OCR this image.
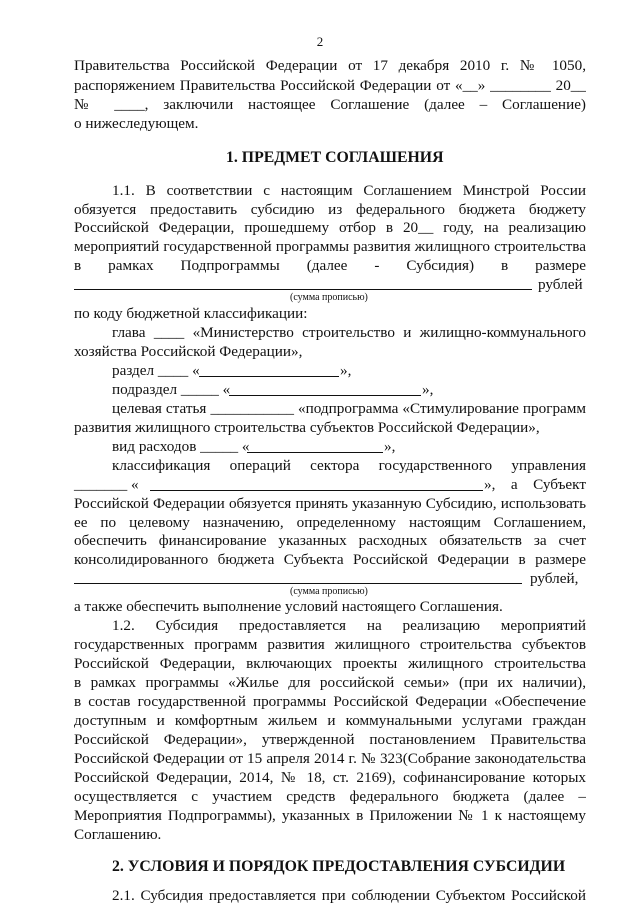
2
Правительства Российской Федерации от 17 декабря 2010 г. № 1050,
распоряжением Правительства Российской Федерации от «__» ________ 20__
№ ____, заключили настоящее Соглашение (далее – Соглашение)
о нижеследующем.
1. ПРЕДМЕТ СОГЛАШЕНИЯ
1.1. В соответствии с настоящим Соглашением Минстрой России
обязуется предоставить субсидию из федерального бюджета бюджету
Российской Федерации, прошедшему отбор в 20__ году, на реализацию
мероприятий государственной программы развития жилищного строительства
в рамках Подпрограммы (далее - Субсидия) в размере
рублей
(сумма прописью)
по коду бюджетной классификации:
глава ____ «Министерство строительство и жилищно-коммунального
хозяйства Российской Федерации»,
раздел ____ «	»,
подраздел _____ «	»,
целевая статья ___________ «подпрограмма «Стимулирование программ
развития жилищного строительства субъектов Российской Федерации»,
вид расходов _____ «	»,
классификация операций сектора государственного управления
_______ «	», а Субъект
Российской Федерации обязуется принять указанную Субсидию, использовать
ее по целевому назначению, определенному настоящим Соглашением,
обеспечить финансирование указанных расходных обязательств за счет
консолидированного бюджета Субъекта Российской Федерации в размере
рублей,
(сумма прописью)
а также обеспечить выполнение условий настоящего Соглашения.
1.2. Субсидия предоставляется на реализацию мероприятий
государственных программ развития жилищного строительства субъектов
Российской Федерации, включающих проекты жилищного строительства
в рамках программы «Жилье для российской семьи» (при их наличии),
в состав государственной программы Российской Федерации «Обеспечение
доступным и комфортным жильем и коммунальными услугами граждан
Российской Федерации», утвержденной постановлением Правительства
Российской Федерации от 15 апреля 2014 г. № 323(Собрание законодательства
Российской Федерации, 2014, № 18, ст. 2169), софинансирование которых
осуществляется с участием средств федерального бюджета (далее –
Мероприятия Подпрограммы), указанных в Приложении № 1 к настоящему
Соглашению.
2. УСЛОВИЯ И ПОРЯДОК ПРЕДОСТАВЛЕНИЯ СУБСИДИИ
2.1. Субсидия предоставляется при соблюдении Субъектом Российской
